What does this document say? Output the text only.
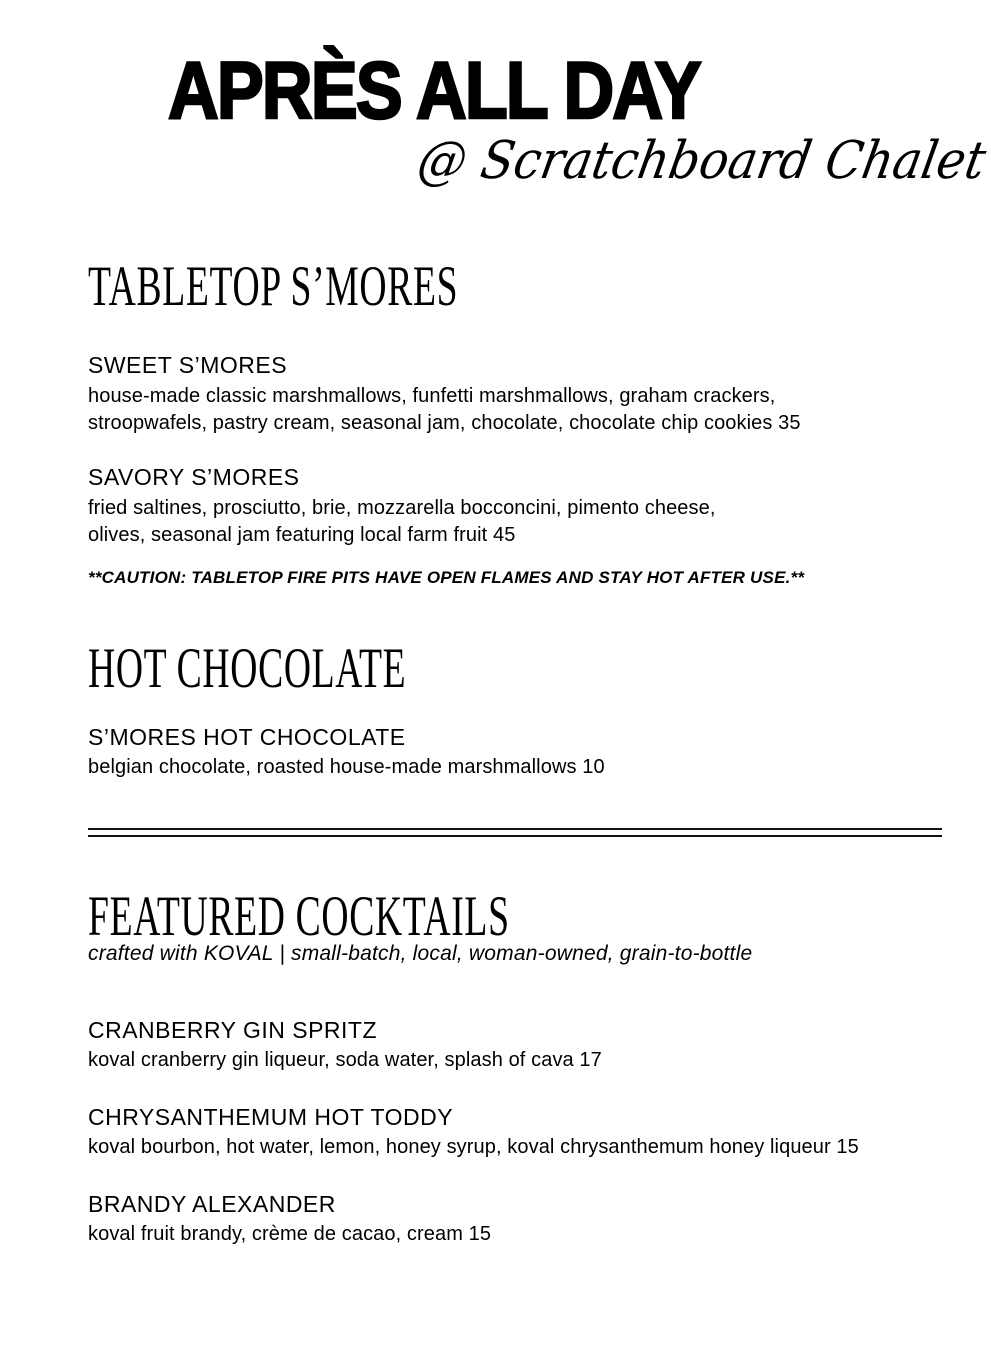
APRÈS ALL DAY
@ Scratchboard Chalet
TABLETOP S’MORES
SWEET S’MORES
house-made classic marshmallows, funfetti marshmallows, graham crackers,
stroopwafels, pastry cream, seasonal jam, chocolate, chocolate chip cookies 35
SAVORY S’MORES
fried saltines, prosciutto, brie, mozzarella bocconcini, pimento cheese,
olives, seasonal jam featuring local farm fruit 45
**CAUTION: TABLETOP FIRE PITS HAVE OPEN FLAMES AND STAY HOT AFTER USE.**
HOT CHOCOLATE
S’MORES HOT CHOCOLATE
belgian chocolate, roasted house-made marshmallows 10
FEATURED COCKTAILS
crafted with KOVAL | small-batch, local, woman-owned, grain-to-bottle
CRANBERRY GIN SPRITZ
koval cranberry gin liqueur, soda water, splash of cava 17
CHRYSANTHEMUM HOT TODDY
koval bourbon, hot water, lemon, honey syrup, koval chrysanthemum honey liqueur 15
BRANDY ALEXANDER
koval fruit brandy, crème de cacao, cream 15
